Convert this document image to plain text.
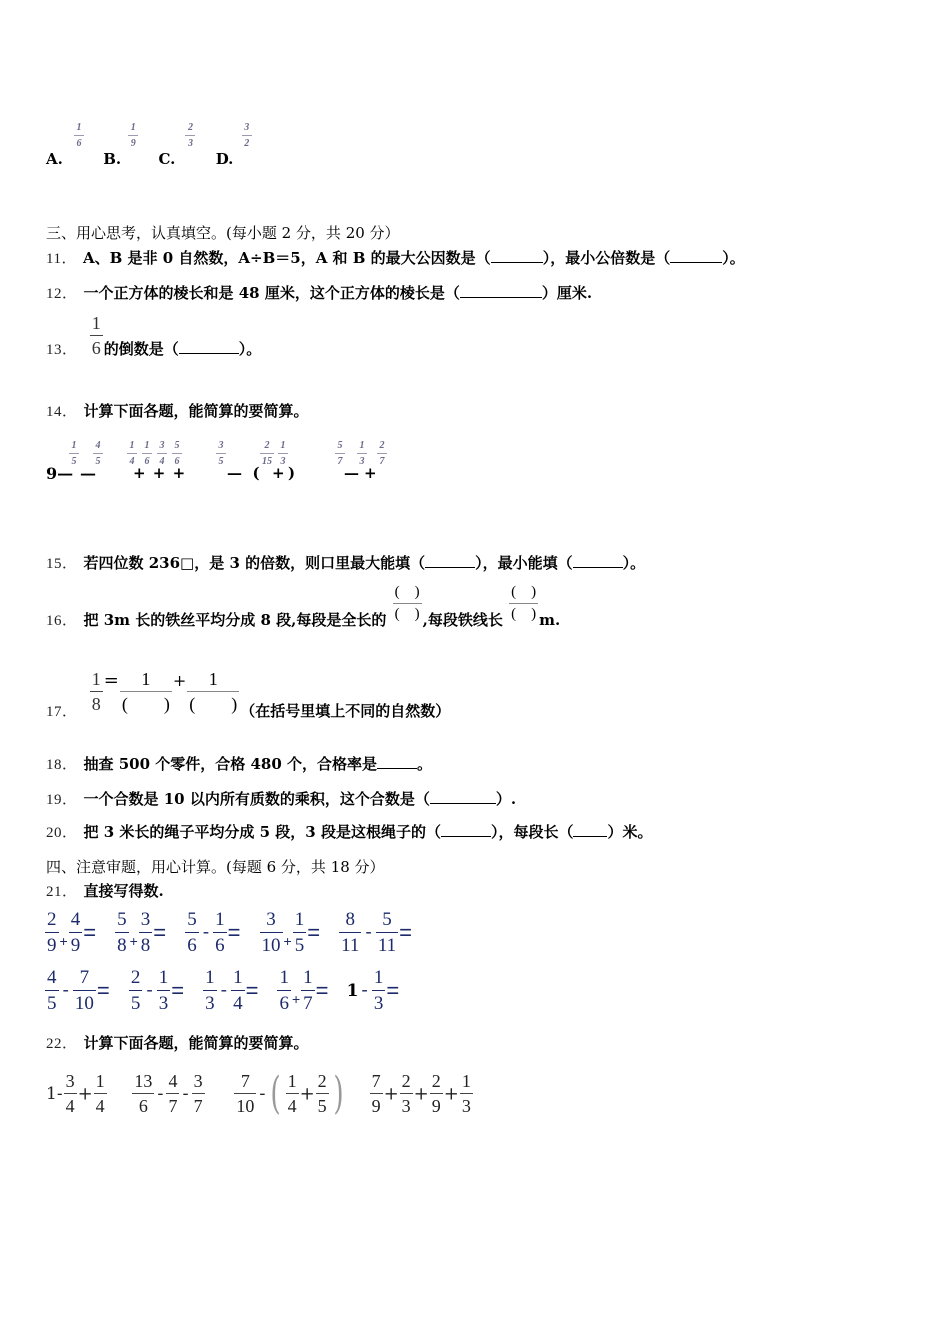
A.
1
6

B.
1
9

C.
2
3

D.
3
2
三、用心思考，认真填空。(每小题 2 分，共 20 分）
11． A、B 是非 0 自然数，A÷B＝5，A 和 B 的最大公因数是（	），最小公倍数是（	）。
12． 一个正方体的棱长和是 48 厘米，这个正方体的棱长是（	）厘米.
13． $\frac{1}{6}$ 的倒数是（	）。
14． 计算下面各题，能简算的要简算。
9—
1
5
—
4
5
1
4
1
6
3
4
5
6
+ + +
3
5
—  (
2
15
1
3
+ )
5
7
—
1
3
+
2
7
15． 若四位数 236□，是 3 的倍数，则口里最大能填（	），最小能填（	）。
16． 把 3m 长的铁丝平均分成 8 段,每段是全长的
(    )
(    ) ,每段铁线长
(    )
(    ) m.
17． $\frac{1}{8} = 1$
(        )
+ 1
(        ) （在括号里填上不同的自然数）
18． 抽查 500 个零件，合格 480 个，合格率是	。
19． 一个合数是 10 以内所有质数的乘积，这个合数是（	）.
20． 把 3 米长的绳子平均分成 5 段，3 段是这根绳子的（	），每段长（ ）米。
四、注意审题，用心计算。(每题 6 分，共 18 分）
21． 直接写得数.
$\frac{2}{9} _+ \frac{4}{9} = \frac{5}{8} _+ \frac{3}{8} = \frac{5}{6} - \frac{1}{6} = \frac{3}{10} _+ \frac{1}{5} = \frac{8}{11} - \frac{5}{11}$ =
$\frac{4}{5} - \frac{7}{10} = \frac{2}{5} - \frac{1}{3} = \frac{1}{3} - \frac{1}{4} = \frac{1}{6} _+ \frac{1}{7} = 1 - \frac{1}{3}$ =
22． 计算下面各题，能简算的要简算。
$1- \frac{3}{4} + \frac{1}{4}$
$\frac{13}{6} - \frac{4}{7} - \frac{3}{7}$
$\frac{7}{10}$ - ( $\frac{1}{4} + \frac{2}{5}$ ) $\frac{7}{9} + \frac{2}{3} + \frac{2}{9} + \frac{1}{3}$
